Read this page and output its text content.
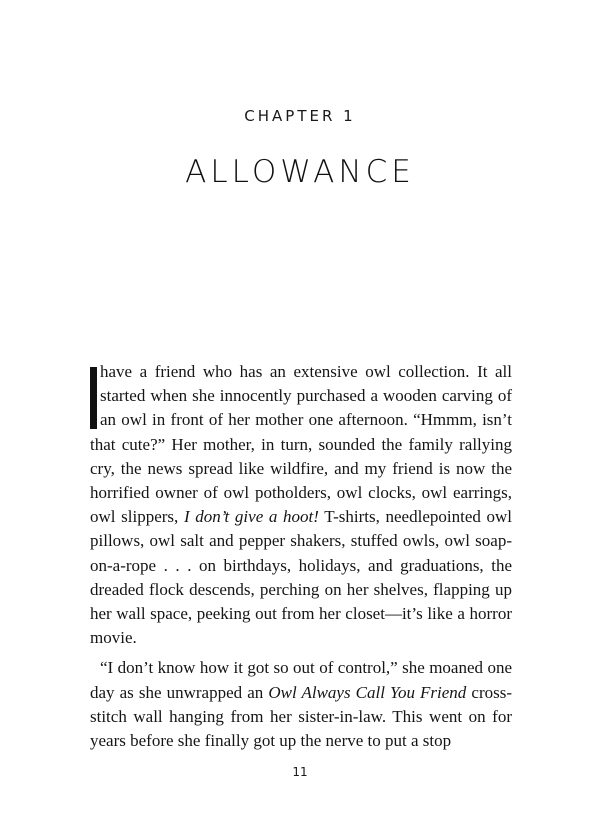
CHAPTER 1
ALLOWANCE

have a friend who has an extensive owl collection. It all started when she innocently purchased a wooden carving of an owl in front of her mother one afternoon. “Hmmm, isn’t that cute?” Her mother, in turn, sounded the family rallying cry, the news spread like wildfire, and my friend is now the horrified owner of owl potholders, owl clocks, owl earrings, owl slippers, I don’t give a hoot! T-shirts, needlepointed owl pillows, owl salt and pepper shakers, stuffed owls, owl soap-on-a-rope . . . on birthdays, holidays, and graduations, the dreaded flock descends, perching on her shelves, flapping up her wall space, peeking out from her closet—it’s like a horror movie.

“I don’t know how it got so out of control,” she moaned one day as she unwrapped an Owl Always Call You Friend cross-stitch wall hanging from her sister-in-law. This went on for years before she finally got up the nerve to put a stop

11
